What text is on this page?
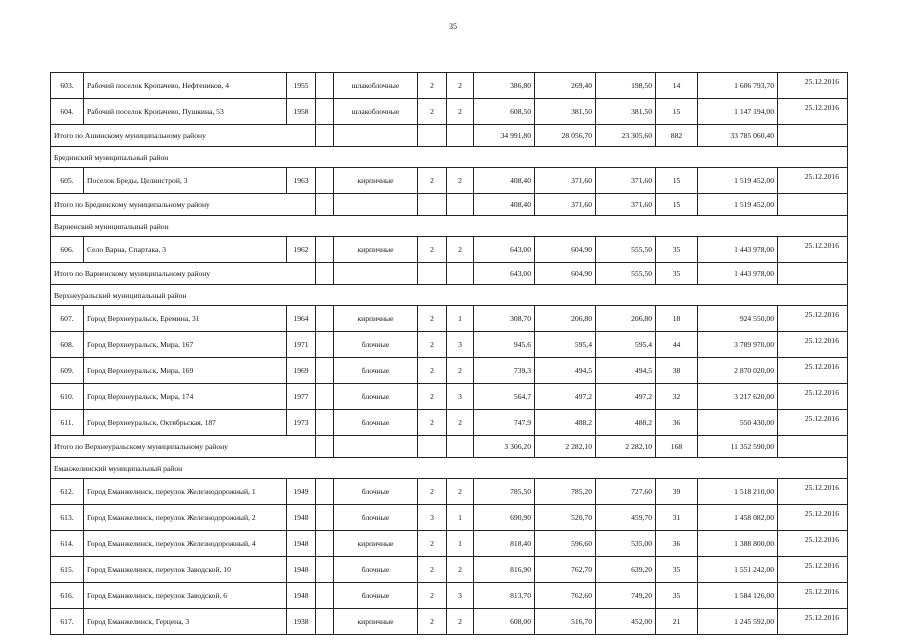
35
603.	Рабочий поселок Кропачево, Нефтеников, 4	1955		шлакоблочные	2	2	386,80	269,40	198,50	14	1 606 793,70	25.12.2016
604.	Рабочий поселок Кропачево, Пушкина, 53	1958		шлакоблочные	2	2	608,50	381,50	381,50	15	1 147 194,00	25.12.2016
Итого по Ашинскому муниципальному району							34 991,80	28 056,70	23 305,60	882	33 785 060,40	
Брединский муниципальный район												
605.	Поселок Бреды, Целинстрой, 3	1963		кирпичные	2	2	408,40	371,60	371,60	15	1 519 452,00	25.12.2016
Итого по Брединскому муниципальному району							408,40	371,60	371,60	15	1 519 452,00	
Варненский муниципальный район												
606.	Село Варна, Спартака, 3	1962		кирпичные	2	2	643,00	604,90	555,50	35	1 443 978,00	25.12.2016
Итого по Варненскому муниципальному району							643,00	604,90	555,50	35	1 443 978,00	
Верхнеуральский муниципальный район												
607.	Город Верхнеуральск, Еремина, 31	1964		кирпичные	2	1	308,70	206,80	206,80	18	924 550,00	25.12.2016
608.	Город Верхнеуральск, Мира, 167	1971		блочные	2	3	945,6	595,4	595,4	44	3 789 970,00	25.12.2016
609.	Город Верхнеуральск, Мира, 169	1969		блочные	2	2	739,3	494,5	494,5	38	2 870 020,00	25.12.2016
610.	Город Верхнеуральск, Мира, 174	1977		блочные	2	3	564,7	497,2	497,2	32	3 217 620,00	25.12.2016
611.	Город Верхнеуральск, Октябрьская, 187	1973		блочные	2	2	747,9	488,2	488,2	36	550 430,00	25.12.2016
Итого по Верхнеуральскому муниципальному району							3 306,20	2 282,10	2 282,10	168	11 352 590,00	
Еманжелинский муниципальный район												
612.	Город Еманжелинск, переулок Железнодорожный, 1	1949		блочные	2	2	785,50	785,20	727,60	39	1 518 210,00	25.12.2016
613.	Город Еманжелинск, переулок Железнодорожный, 2	1948		блочные	3	1	690,90	520,70	459,70	31	1 458 082,00	25.12.2016
614.	Город Еманжелинск, переулок Железнодорожный, 4	1948		кирпичные	2	1	818,40	596,60	535,00	36	1 388 800,00	25.12.2016
615.	Город Еманжелинск, переулок Заводской, 10	1948		блочные	2	2	816,90	762,70	639,20	35	1 551 242,00	25.12.2016
616.	Город Еманжелинск, переулок Заводской, 6	1948		блочные	2	3	813,70	762,60	749,20	35	1 584 126,00	25.12.2016
617.	Город Еманжелинск, Герцена, 3	1938		кирпичные	2	2	608,00	516,70	452,00	21	1 245 592,00	25.12.2016
